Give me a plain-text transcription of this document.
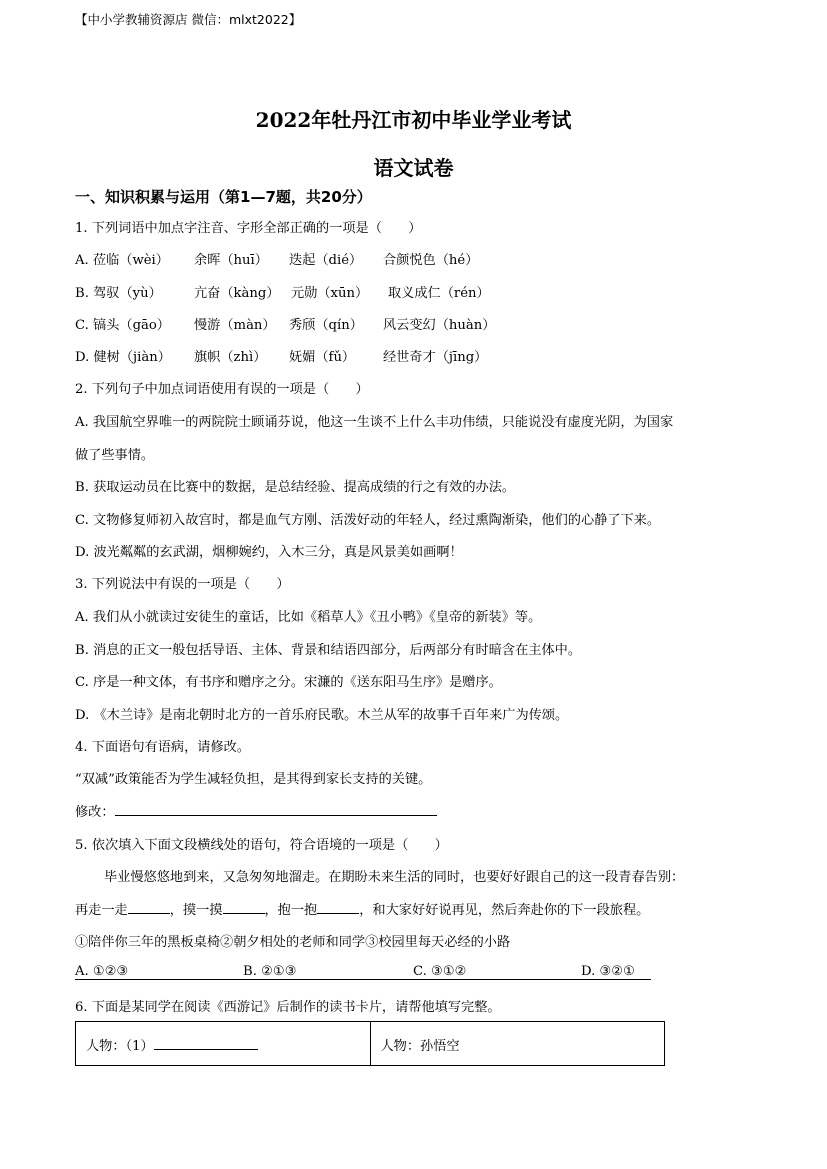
【中小学教辅资源店 微信：mlxt2022】
2022年牡丹江市初中毕业学业考试
语文试卷
一、知识积累与运用（第1—7题，共20分）
1. 下列词语中加点字注音、字形全部正确的一项是（　　）
A. 莅临（wèi） 余晖（huī） 迭起（dié） 合颜悦色（hé）
B. 驾驭（yù） 亢奋（kàng） 元勋（xūn） 取义成仁（rén）
C. 镐头（gāo） 慢游（màn） 秀颀（qín） 风云变幻（huàn）
D. 健树（jiàn） 旗帜（zhì） 妩媚（fǔ） 经世奇才（jīng）
2. 下列句子中加点词语使用有误的一项是（　　）
A. 我国航空界唯一的两院院士顾诵芬说，他这一生谈不上什么丰功伟绩，只能说没有虚度光阴，为国家
做了些事情。
B. 获取运动员在比赛中的数据，是总结经验、提高成绩的行之有效的办法。
C. 文物修复师初入故宫时，都是血气方刚、活泼好动的年轻人，经过熏陶渐染，他们的心静了下来。
D. 波光粼粼的玄武湖，烟柳婉约，入木三分，真是风景美如画啊！
3. 下列说法中有误的一项是（　　）
A. 我们从小就读过安徒生的童话，比如《稻草人》《丑小鸭》《皇帝的新装》等。
B. 消息的正文一般包括导语、主体、背景和结语四部分，后两部分有时暗含在主体中。
C. 序是一种文体，有书序和赠序之分。宋濂的《送东阳马生序》是赠序。
D. 《木兰诗》是南北朝时北方的一首乐府民歌。木兰从军的故事千百年来广为传颂。
4. 下面语句有语病，请修改。
“双减”政策能否为学生减轻负担，是其得到家长支持的关键。
修改：
5. 依次填入下面文段横线处的语句，符合语境的一项是（　　）
毕业慢悠悠地到来，又急匆匆地溜走。在期盼未来生活的同时，也要好好跟自己的这一段青春告别：
再走一走	，摸一摸	，抱一抱	，和大家好好说再见，然后奔赴你的下一段旅程。
①陪伴你三年的黑板桌椅②朝夕相处的老师和同学③校园里每天必经的小路
A. ①②③	B. ②①③	C. ③①②	D. ③②①
6. 下面是某同学在阅读《西游记》后制作的读书卡片，请帮他填写完整。
人物：（1）	人物：孙悟空
